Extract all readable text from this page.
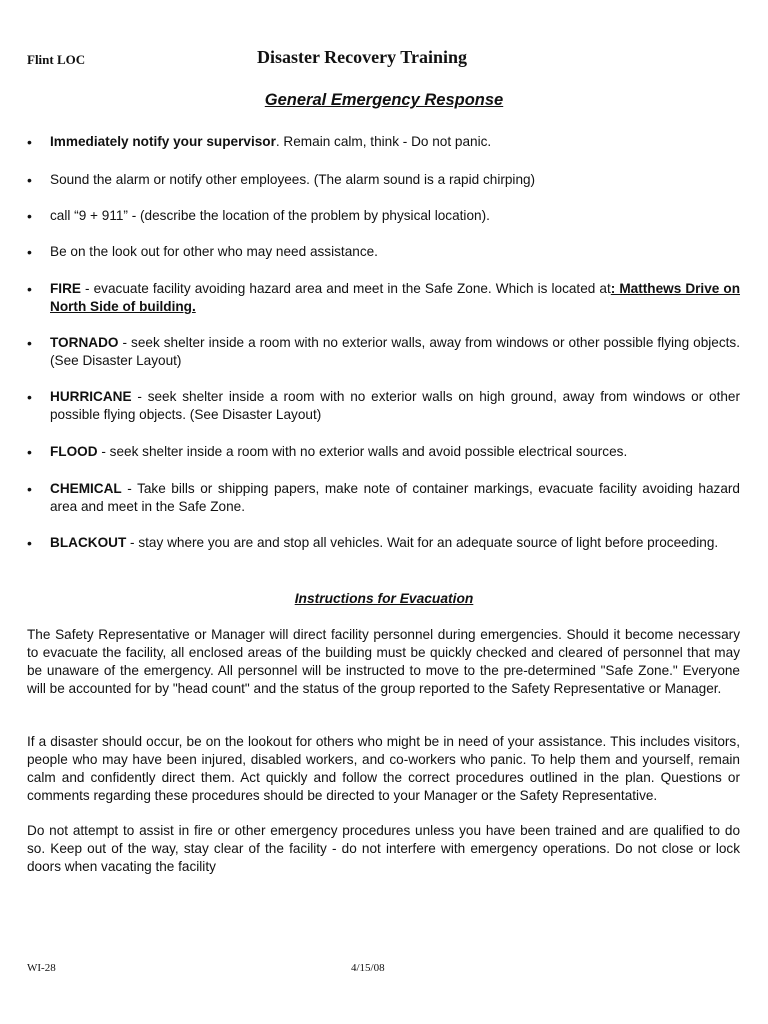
Flint LOC	Disaster Recovery Training
General Emergency Response
• Immediately notify your supervisor. Remain calm, think - Do not panic.
• Sound the alarm or notify other employees. (The alarm sound is a rapid chirping)
• call “9 + 911” - (describe the location of the problem by physical location).
• Be on the look out for other who may need assistance.
• FIRE - evacuate facility avoiding hazard area and meet in the Safe Zone. Which is located at: Matthews Drive on North Side of building.
• TORNADO - seek shelter inside a room with no exterior walls, away from windows or other possible flying objects. (See Disaster Layout)
• HURRICANE - seek shelter inside a room with no exterior walls on high ground, away from windows or other possible flying objects. (See Disaster Layout)
• FLOOD - seek shelter inside a room with no exterior walls and avoid possible electrical sources.
• CHEMICAL - Take bills or shipping papers, make note of container markings, evacuate facility avoiding hazard area and meet in the Safe Zone.
• BLACKOUT - stay where you are and stop all vehicles. Wait for an adequate source of light before proceeding.
Instructions for Evacuation

The Safety Representative or Manager will direct facility personnel during emergencies. Should it become necessary to evacuate the facility, all enclosed areas of the building must be quickly checked and cleared of personnel that may be unaware of the emergency. All personnel will be instructed to move to the pre-determined "Safe Zone." Everyone will be accounted for by "head count" and the status of the group reported to the Safety Representative or Manager.

If a disaster should occur, be on the lookout for others who might be in need of your assistance. This includes visitors, people who may have been injured, disabled workers, and co-workers who panic. To help them and yourself, remain calm and confidently direct them. Act quickly and follow the correct procedures outlined in the plan. Questions or comments regarding these procedures should be directed to your Manager or the Safety Representative.

Do not attempt to assist in fire or other emergency procedures unless you have been trained and are qualified to do so. Keep out of the way, stay clear of the facility - do not interfere with emergency operations. Do not close or lock doors when vacating the facility

WI-28	4/15/08
